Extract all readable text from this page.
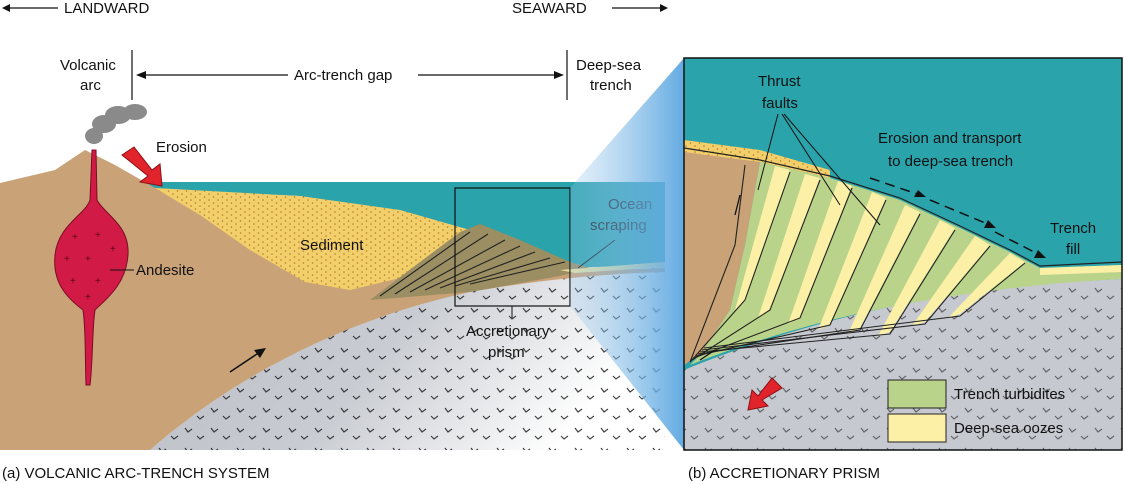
LANDWARD	SEAWARD
+ +
+
+ +
+ +
+
Erosion
Sediment
Andesite
Volcanic
arc
Arc-trench gap
Deep-sea
trench
Accretionary
prism
(a) VOLCANIC ARC-TRENCH SYSTEM
Thrust
faults
Erosion and transport
to deep-sea trench
Trench
fill
Trench turbidites
Deep-sea oozes
(b) ACCRETIONARY PRISM
